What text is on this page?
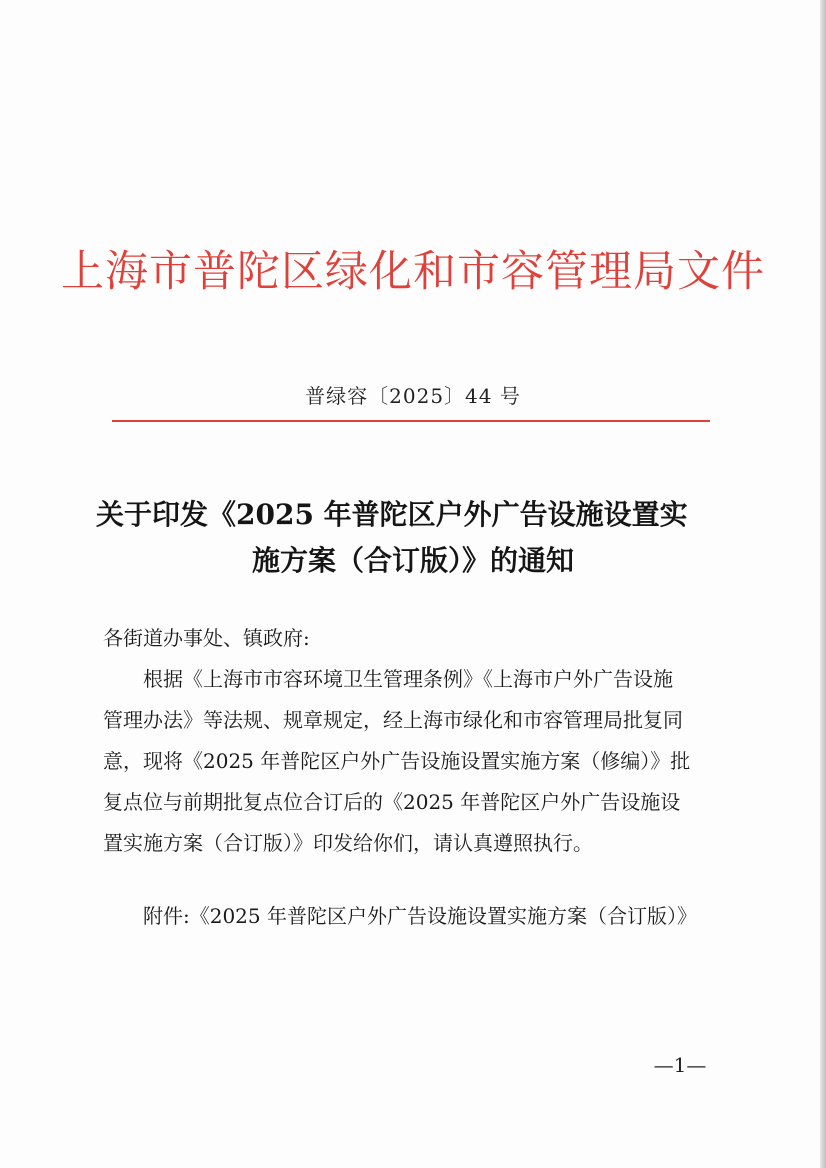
上海市普陀区绿化和市容管理局文件
普绿容〔2025〕44 号
关于印发《2025 年普陀区户外广告设施设置实
施方案（合订版）》的通知
各街道办事处、镇政府:
根据《上海市市容环境卫生管理条例》《上海市户外广告设施
管理办法》等法规、规章规定，经上海市绿化和市容管理局批复同
意，现将《2025 年普陀区户外广告设施设置实施方案（修编）》批
复点位与前期批复点位合订后的《2025 年普陀区户外广告设施设
置实施方案（合订版）》印发给你们，请认真遵照执行。
附件:《2025 年普陀区户外广告设施设置实施方案（合订版）》
—1—
